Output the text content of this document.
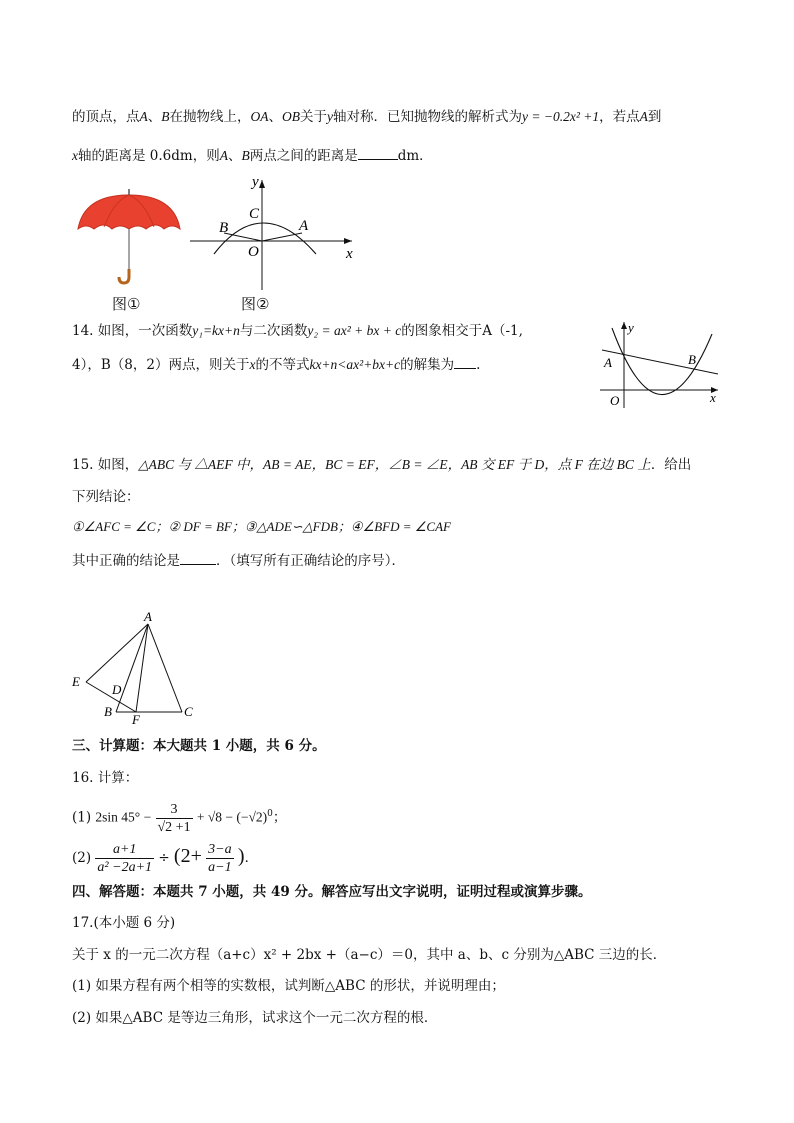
的顶点，点A、B在抛物线上，OA、OB关于y轴对称．已知抛物线的解析式为y = −0.2x² +1，若点A到
x轴的距离是 0.6dm，则A、B两点之间的距离是	dm．
图①
y
x
C
B	A
O
图②
14. 如图，一次函数y₁=kx+n与二次函数y₂ = ax² + bx + c的图象相交于A（-1,
4），B（8，2）两点，则关于x的不等式kx+n<ax²+bx+c的解集为 .
y
x
A	B
O
15. 如图，△ABC 与 △AEF 中，AB = AE，BC = EF，∠B = ∠E，AB 交 EF 于 D，点 F 在边 BC 上．给出
下列结论：
①∠AFC = ∠C；② DF = BF；③△ADE∽△FDB；④∠BFD = ∠CAF
其中正确的结论是	．（填写所有正确结论的序号）．
A
E
D
B
F
C
三、计算题：本大题共 1 小题，共 6 分。
16. 计算：
(1) 2sin $45^\circ - \frac{3}{√2 +1} + √8 - (-√2)^0$；
$(2) \frac{a+1}{\text{a² −2a+1}} \div (2+ \frac{3-a}{a-1}$ )．
四、解答题：本题共 7 小题，共 49 分。解答应写出文字说明，证明过程或演算步骤。
17.(本小题 6 分)
关于 x 的一元二次方程（a+c）x² + 2bx +（a−c）＝0，其中 a、b、c 分别为△ABC 三边的长．
(1) 如果方程有两个相等的实数根，试判断△ABC 的形状，并说明理由；
(2) 如果△ABC 是等边三角形，试求这个一元二次方程的根．
